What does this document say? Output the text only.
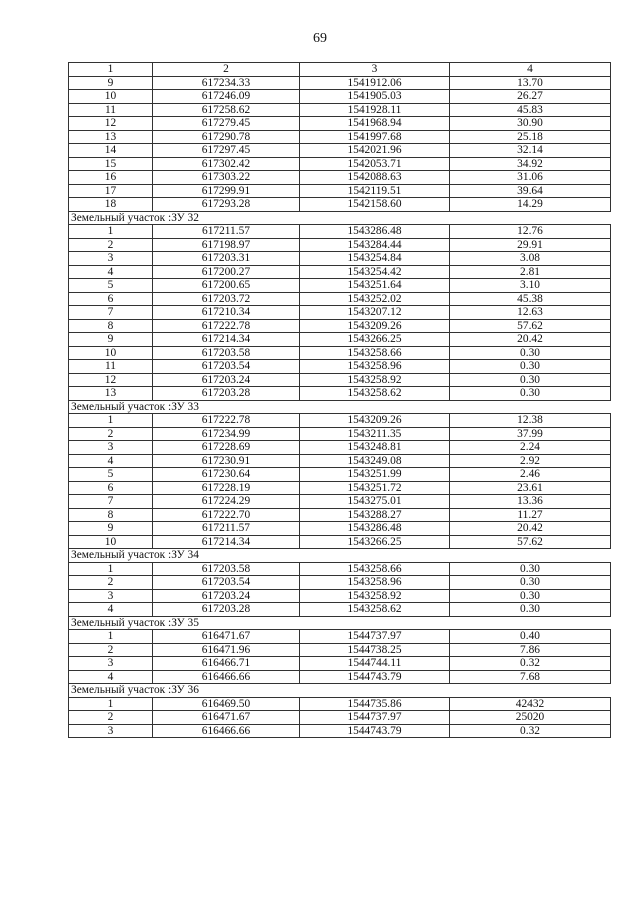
69
1	2	3	4
9	617234.33	1541912.06	13.70
10	617246.09	1541905.03	26.27
11	617258.62	1541928.11	45.83
12	617279.45	1541968.94	30.90
13	617290.78	1541997.68	25.18
14	617297.45	1542021.96	32.14
15	617302.42	1542053.71	34.92
16	617303.22	1542088.63	31.06
17	617299.91	1542119.51	39.64
18	617293.28	1542158.60	14.29
Земельный участок :ЗУ 32			
1	617211.57	1543286.48	12.76
2	617198.97	1543284.44	29.91
3	617203.31	1543254.84	3.08
4	617200.27	1543254.42	2.81
5	617200.65	1543251.64	3.10
6	617203.72	1543252.02	45.38
7	617210.34	1543207.12	12.63
8	617222.78	1543209.26	57.62
9	617214.34	1543266.25	20.42
10	617203.58	1543258.66	0.30
11	617203.54	1543258.96	0.30
12	617203.24	1543258.92	0.30
13	617203.28	1543258.62	0.30
Земельный участок :ЗУ 33			
1	617222.78	1543209.26	12.38
2	617234.99	1543211.35	37.99
3	617228.69	1543248.81	2.24
4	617230.91	1543249.08	2.92
5	617230.64	1543251.99	2.46
6	617228.19	1543251.72	23.61
7	617224.29	1543275.01	13.36
8	617222.70	1543288.27	11.27
9	617211.57	1543286.48	20.42
10	617214.34	1543266.25	57.62
Земельный участок :ЗУ 34			
1	617203.58	1543258.66	0.30
2	617203.54	1543258.96	0.30
3	617203.24	1543258.92	0.30
4	617203.28	1543258.62	0.30
Земельный участок :ЗУ 35			
1	616471.67	1544737.97	0.40
2	616471.96	1544738.25	7.86
3	616466.71	1544744.11	0.32
4	616466.66	1544743.79	7.68
Земельный участок :ЗУ 36			
1	616469.50	1544735.86	42432
2	616471.67	1544737.97	25020
3	616466.66	1544743.79	0.32
